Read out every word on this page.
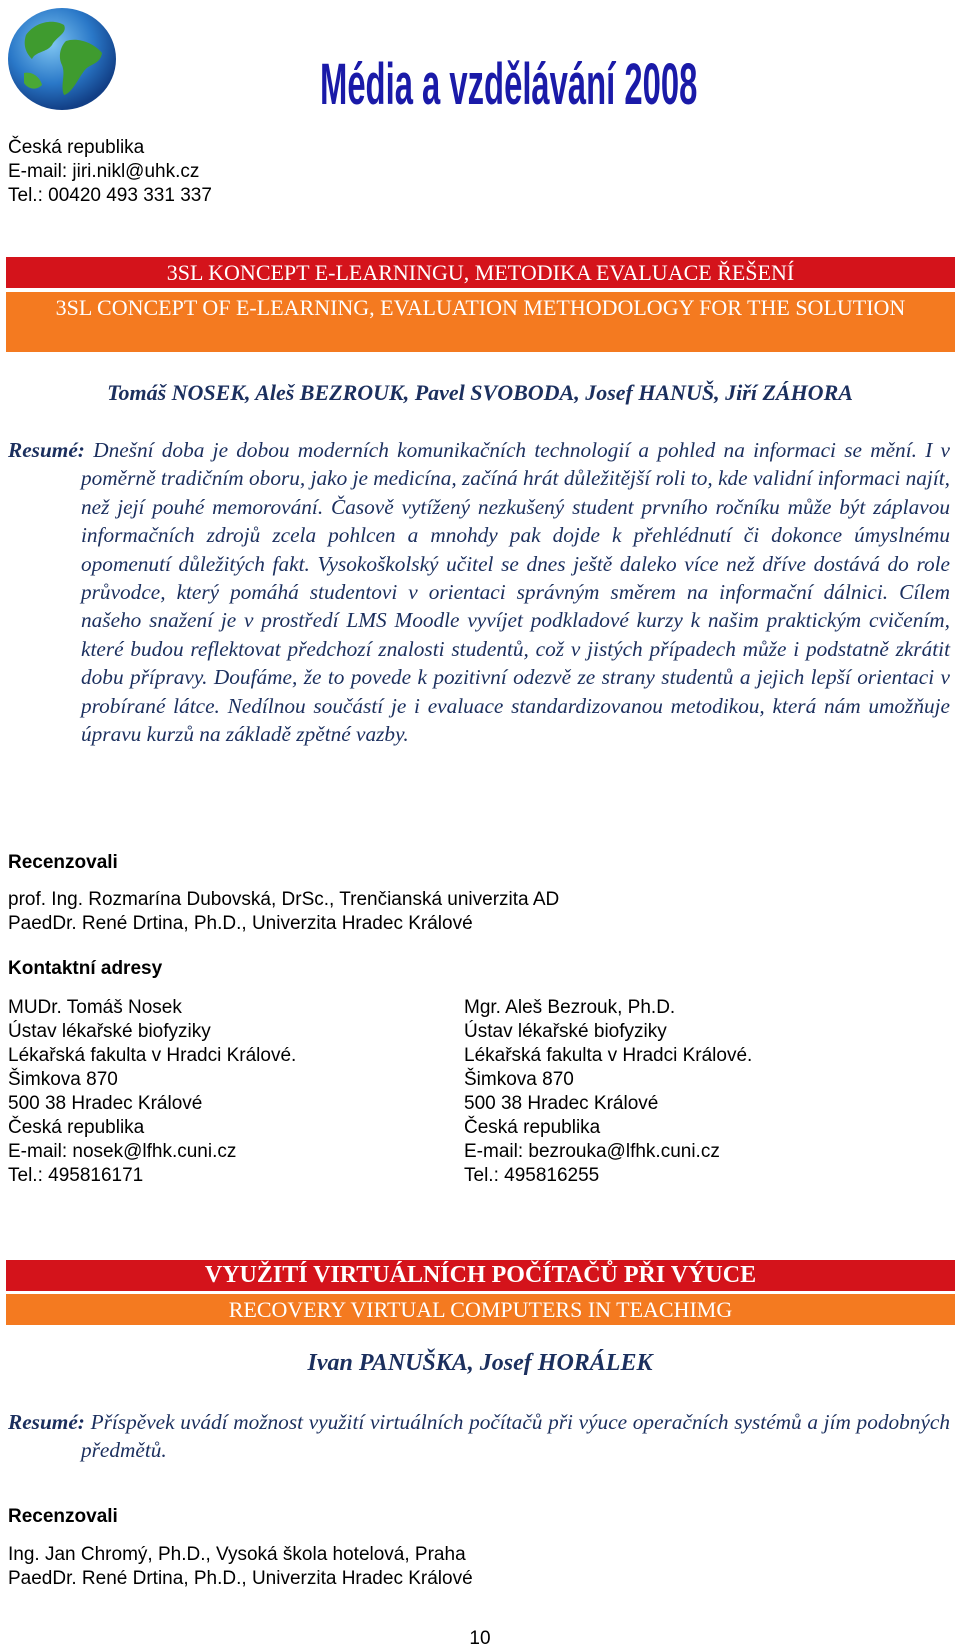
Média a vzdělávání 2008
Česká republika
E-mail: jiri.nikl@uhk.cz
Tel.: 00420 493 331 337
3SL KONCEPT E-LEARNINGU, METODIKA EVALUACE ŘEŠENÍ
3SL CONCEPT OF E-LEARNING, EVALUATION METHODOLOGY FOR THE SOLUTION
Tomáš NOSEK, Aleš BEZROUK, Pavel SVOBODA, Josef HANUŠ, Jiří ZÁHORA
Resumé: Dnešní doba je dobou moderních komunikačních technologií a pohled na informaci se mění. I v poměrně tradičním oboru, jako je medicína, začíná hrát důležitější roli to, kde validní informaci najít, než její pouhé memorování. Časově vytížený nezkušený student prvního ročníku může být záplavou informačních zdrojů zcela pohlcen a mnohdy pak dojde k přehlédnutí či dokonce úmyslnému opomenutí důležitých fakt. Vysokoškolský učitel se dnes ještě daleko více než dříve dostává do role průvodce, který pomáhá studentovi v orientaci správným směrem na informační dálnici. Cílem našeho snažení je v prostředí LMS Moodle vyvíjet podkladové kurzy k našim praktickým cvičením, které budou reflektovat předchozí znalosti studentů, což v jistých případech může i podstatně zkrátit dobu přípravy. Doufáme, že to povede k pozitivní odezvě ze strany studentů a jejich lepší orientaci v probírané látce. Nedílnou součástí je i evaluace standardizovanou metodikou, která nám umožňuje úpravu kurzů na základě zpětné vazby.
Recenzovali
prof. Ing. Rozmarína Dubovská, DrSc., Trenčianská univerzita AD
PaedDr. René Drtina, Ph.D., Univerzita Hradec Králové
Kontaktní adresy
MUDr. Tomáš Nosek
Ústav lékařské biofyziky
Lékařská fakulta v Hradci Králové.
Šimkova 870
500 38 Hradec Králové
Česká republika
E-mail: nosek@lfhk.cuni.cz
Tel.: 495816171
Mgr. Aleš Bezrouk, Ph.D.
Ústav lékařské biofyziky
Lékařská fakulta v Hradci Králové.
Šimkova 870
500 38 Hradec Králové
Česká republika
E-mail: bezrouka@lfhk.cuni.cz
Tel.: 495816255
VYUŽITÍ VIRTUÁLNÍCH POČÍTAČŮ PŘI VÝUCE
RECOVERY VIRTUAL COMPUTERS IN TEACHIMG
Ivan PANUŠKA, Josef HORÁLEK
Resumé: Příspěvek uvádí možnost využití virtuálních počítačů při výuce operačních systémů a jím podobných předmětů.
Recenzovali
Ing. Jan Chromý, Ph.D., Vysoká škola hotelová, Praha
PaedDr. René Drtina, Ph.D., Univerzita Hradec Králové
10
